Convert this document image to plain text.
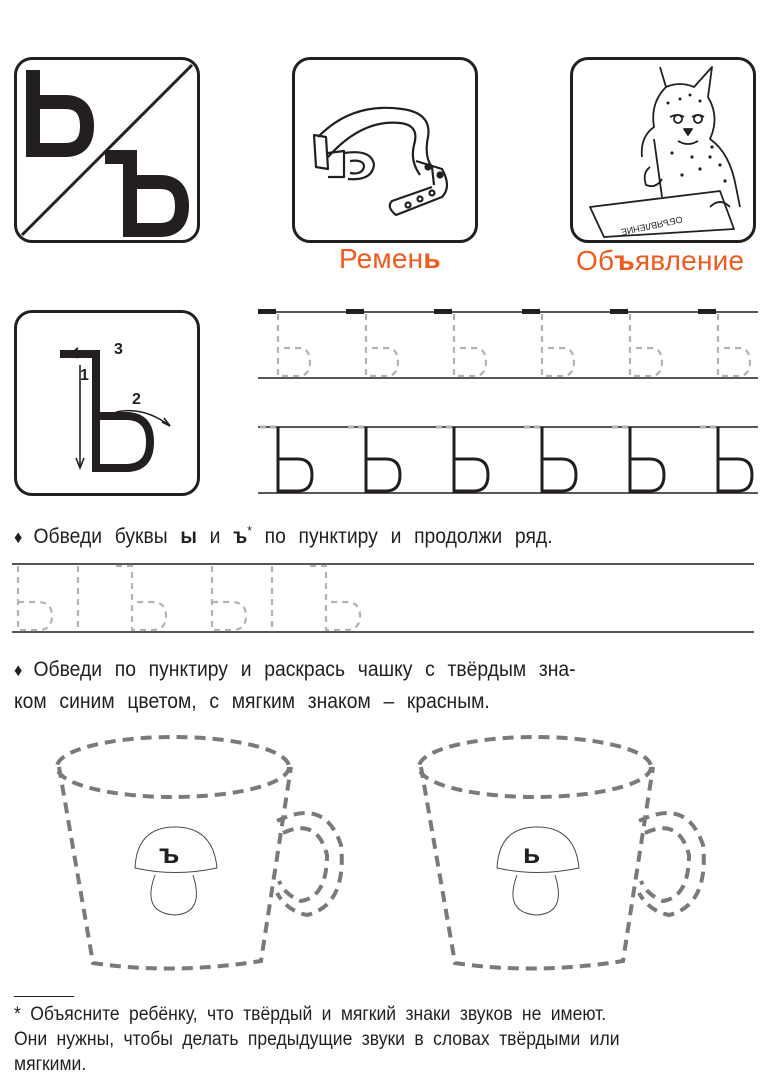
Ремень
ОБЪЯВЛЕНИЕ
Объявление
1
2
3
♦ Обведи буквы ы и ъ* по пунктиру и продолжи ряд.
♦ Обведи по пунктиру и раскрась чашку с твёрдым зна-
ком синим цветом, с мягким знаком – красным.
ъ	ь
* Объясните ребёнку, что твёрдый и мягкий знаки звуков не имеют.
Они нужны, чтобы делать предыдущие звуки в словах твёрдыми или
мягкими.
